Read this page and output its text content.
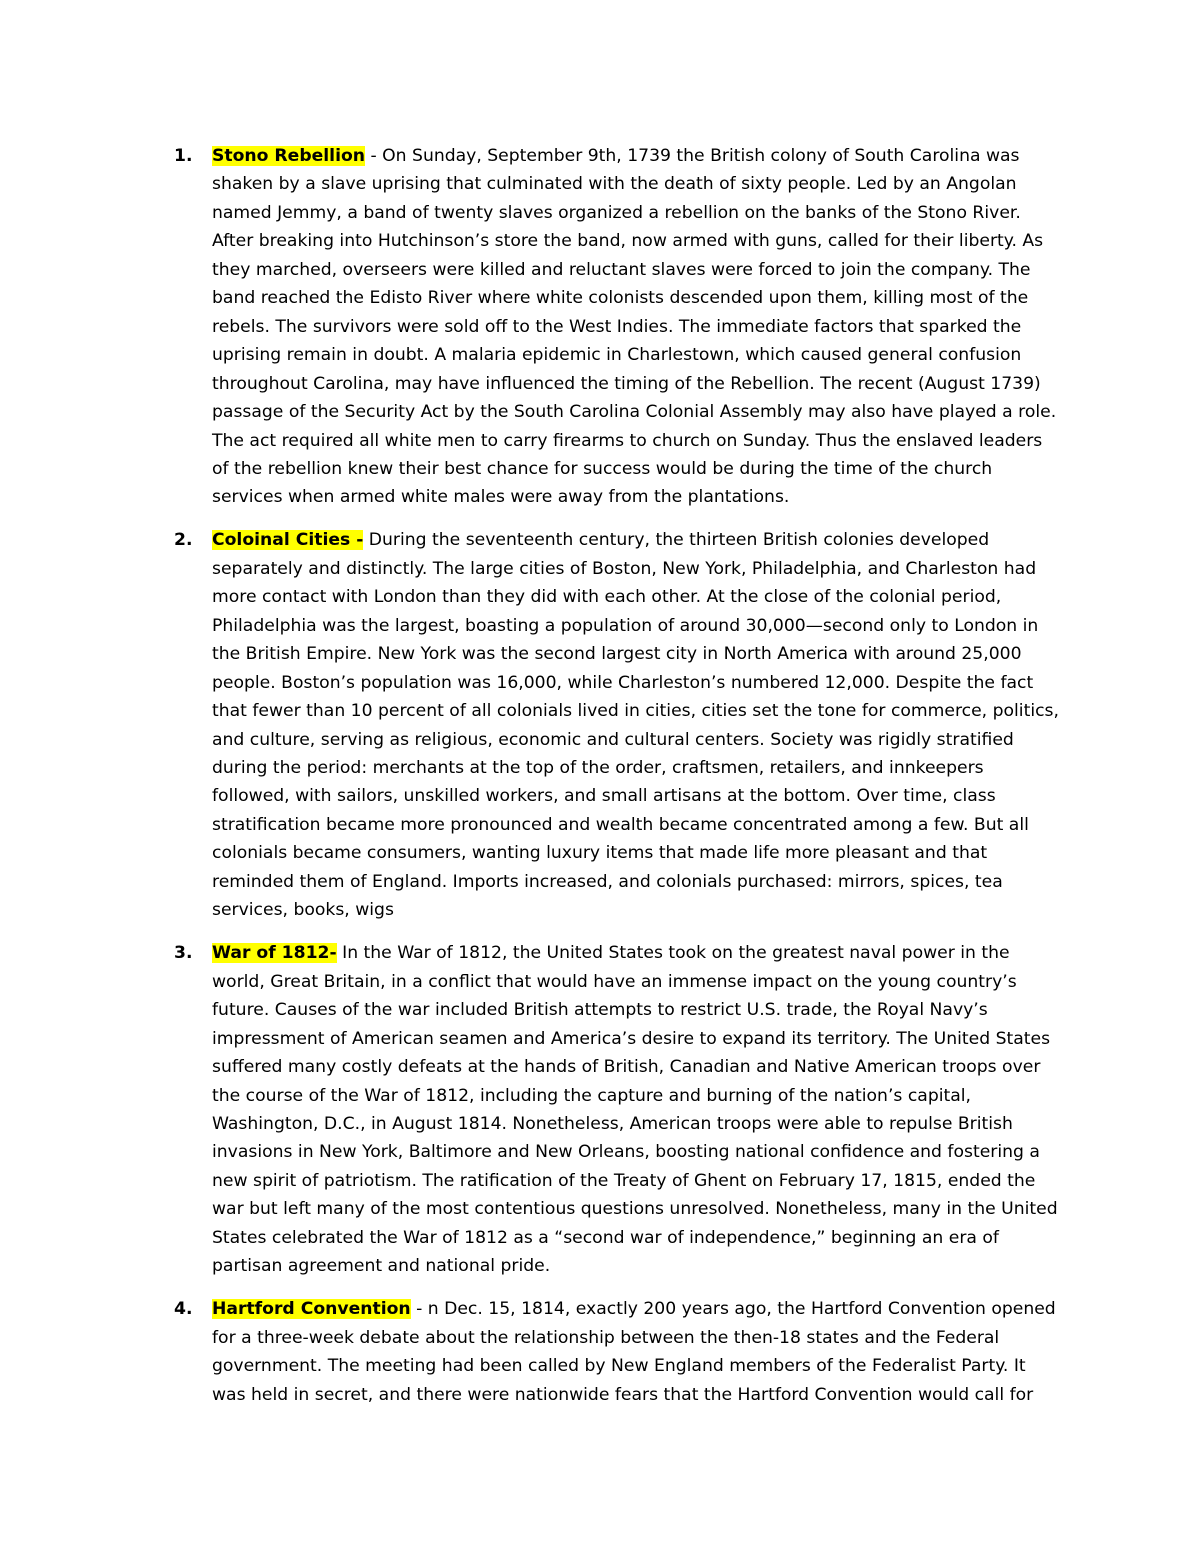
1. Stono Rebellion - On Sunday, September 9th, 1739 the British colony of South Carolina was shaken by a slave uprising that culminated with the death of sixty people. Led by an Angolan named Jemmy, a band of twenty slaves organized a rebellion on the banks of the Stono River. After breaking into Hutchinson’s store the band, now armed with guns, called for their liberty. As they marched, overseers were killed and reluctant slaves were forced to join the company. The band reached the Edisto River where white colonists descended upon them, killing most of the rebels. The survivors were sold off to the West Indies. The immediate factors that sparked the uprising remain in doubt. A malaria epidemic in Charlestown, which caused general confusion throughout Carolina, may have influenced the timing of the Rebellion. The recent (August 1739) passage of the Security Act by the South Carolina Colonial Assembly may also have played a role. The act required all white men to carry firearms to church on Sunday. Thus the enslaved leaders of the rebellion knew their best chance for success would be during the time of the church services when armed white males were away from the plantations.
2. Coloinal Cities - During the seventeenth century, the thirteen British colonies developed separately and distinctly. The large cities of Boston, New York, Philadelphia, and Charleston had more contact with London than they did with each other. At the close of the colonial period, Philadelphia was the largest, boasting a population of around 30,000—second only to London in the British Empire. New York was the second largest city in North America with around 25,000 people. Boston’s population was 16,000, while Charleston’s numbered 12,000. Despite the fact that fewer than 10 percent of all colonials lived in cities, cities set the tone for commerce, politics, and culture, serving as religious, economic and cultural centers. Society was rigidly stratified during the period: merchants at the top of the order, craftsmen, retailers, and innkeepers followed, with sailors, unskilled workers, and small artisans at the bottom. Over time, class stratification became more pronounced and wealth became concentrated among a few. But all colonials became consumers, wanting luxury items that made life more pleasant and that reminded them of England. Imports increased, and colonials purchased: mirrors, spices, tea services, books, wigs
3. War of 1812- In the War of 1812, the United States took on the greatest naval power in the world, Great Britain, in a conflict that would have an immense impact on the young country’s future. Causes of the war included British attempts to restrict U.S. trade, the Royal Navy’s impressment of American seamen and America’s desire to expand its territory. The United States suffered many costly defeats at the hands of British, Canadian and Native American troops over the course of the War of 1812, including the capture and burning of the nation’s capital, Washington, D.C., in August 1814. Nonetheless, American troops were able to repulse British invasions in New York, Baltimore and New Orleans, boosting national confidence and fostering a new spirit of patriotism. The ratification of the Treaty of Ghent on February 17, 1815, ended the war but left many of the most contentious questions unresolved. Nonetheless, many in the United States celebrated the War of 1812 as a “second war of independence,” beginning an era of partisan agreement and national pride.
4. Hartford Convention - n Dec. 15, 1814, exactly 200 years ago, the Hartford Convention opened for a three-week debate about the relationship between the then-18 states and the Federal government. The meeting had been called by New England members of the Federalist Party. It was held in secret, and there were nationwide fears that the Hartford Convention would call for
